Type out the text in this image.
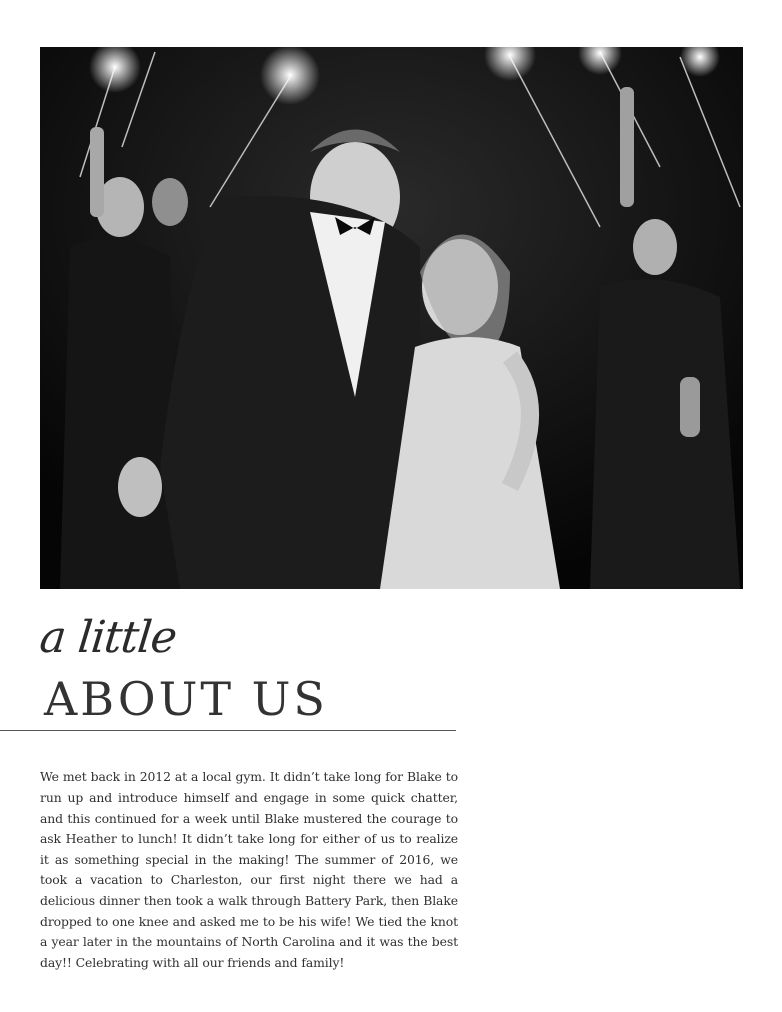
a little
ABOUT US

We met back in 2012 at a local gym. It didn’t take long for Blake to run up and introduce himself and engage in some quick chatter, and this continued for a week until Blake mustered the courage to ask Heather to lunch! It didn’t take long for either of us to realize it as something special in the making! The summer of 2016, we took a vacation to Charleston, our first night there we had a delicious dinner then took a walk through Battery Park, then Blake dropped to one knee and asked me to be his wife! We tied the knot a year later in the mountains of North Carolina and it was the best day!! Celebrating with all our friends and family!
